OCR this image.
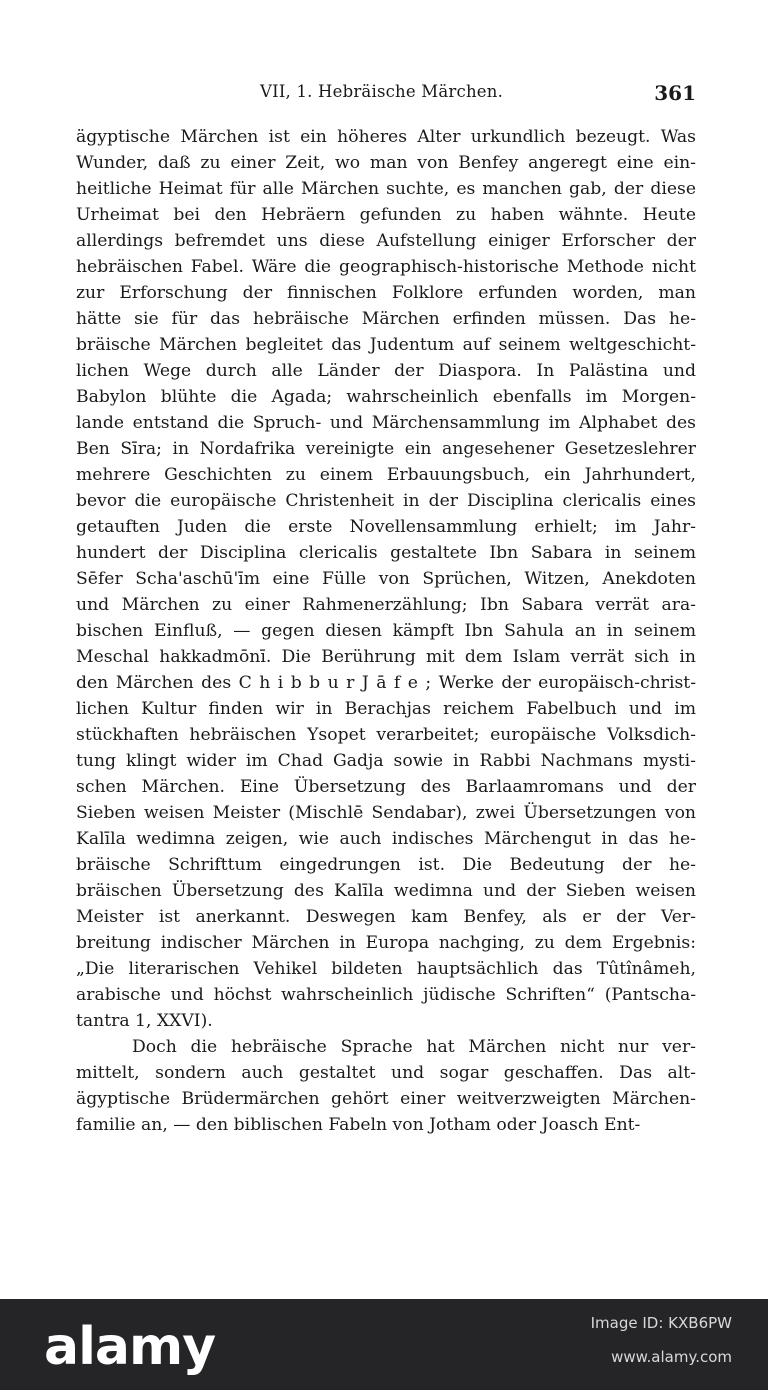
VII, 1. Hebräische Märchen.	361
ägyptische Märchen ist ein höheres Alter urkundlich bezeugt. Was
Wunder, daß zu einer Zeit, wo man von Benfey angeregt eine ein-
heitliche Heimat für alle Märchen suchte, es manchen gab, der diese
Urheimat bei den Hebräern gefunden zu haben wähnte. Heute
allerdings befremdet uns diese Aufstellung einiger Erforscher der
hebräischen Fabel. Wäre die geographisch-historische Methode nicht
zur Erforschung der finnischen Folklore erfunden worden, man
hätte sie für das hebräische Märchen erfinden müssen. Das he-
bräische Märchen begleitet das Judentum auf seinem weltgeschicht-
lichen Wege durch alle Länder der Diaspora. In Palästina und
Babylon blühte die Agada; wahrscheinlich ebenfalls im Morgen-
lande entstand die Spruch- und Märchensammlung im Alphabet des
Ben Sīra; in Nordafrika vereinigte ein angesehener Gesetzeslehrer
mehrere Geschichten zu einem Erbauungsbuch, ein Jahrhundert,
bevor die europäische Christenheit in der Disciplina clericalis eines
getauften Juden die erste Novellensammlung erhielt; im Jahr-
hundert der Disciplina clericalis gestaltete Ibn Sabara in seinem
Sēfer Scha'aschū'īm eine Fülle von Sprüchen, Witzen, Anekdoten
und Märchen zu einer Rahmenerzählung; Ibn Sabara verrät ara-
bischen Einfluß, — gegen diesen kämpft Ibn Sahula an in seinem
Meschal hakkadmōnī. Die Berührung mit dem Islam verrät sich in
den Märchen des C h i b b u r J ā f e ; Werke der europäisch-christ-
lichen Kultur finden wir in Berachjas reichem Fabelbuch und im
stückhaften hebräischen Ysopet verarbeitet; europäische Volksdich-
tung klingt wider im Chad Gadja sowie in Rabbi Nachmans mysti-
schen Märchen. Eine Übersetzung des Barlaamromans und der
Sieben weisen Meister (Mischlē Sendabar), zwei Übersetzungen von
Kalīla wedimna zeigen, wie auch indisches Märchengut in das he-
bräische Schrifttum eingedrungen ist. Die Bedeutung der he-
bräischen Übersetzung des Kalīla wedimna und der Sieben weisen
Meister ist anerkannt. Deswegen kam Benfey, als er der Ver-
breitung indischer Märchen in Europa nachging, zu dem Ergebnis:
„Die literarischen Vehikel bildeten hauptsächlich das Tûtînâmeh,
arabische und höchst wahrscheinlich jüdische Schriften“ (Pantscha-
tantra 1, XXVI).
Doch die hebräische Sprache hat Märchen nicht nur ver-
mittelt, sondern auch gestaltet und sogar geschaffen. Das alt-
ägyptische Brüdermärchen gehört einer weitverzweigten Märchen-
familie an, — den biblischen Fabeln von Jotham oder Joasch Ent-
alamy	Image ID: KXB6PW
www.alamy.com
